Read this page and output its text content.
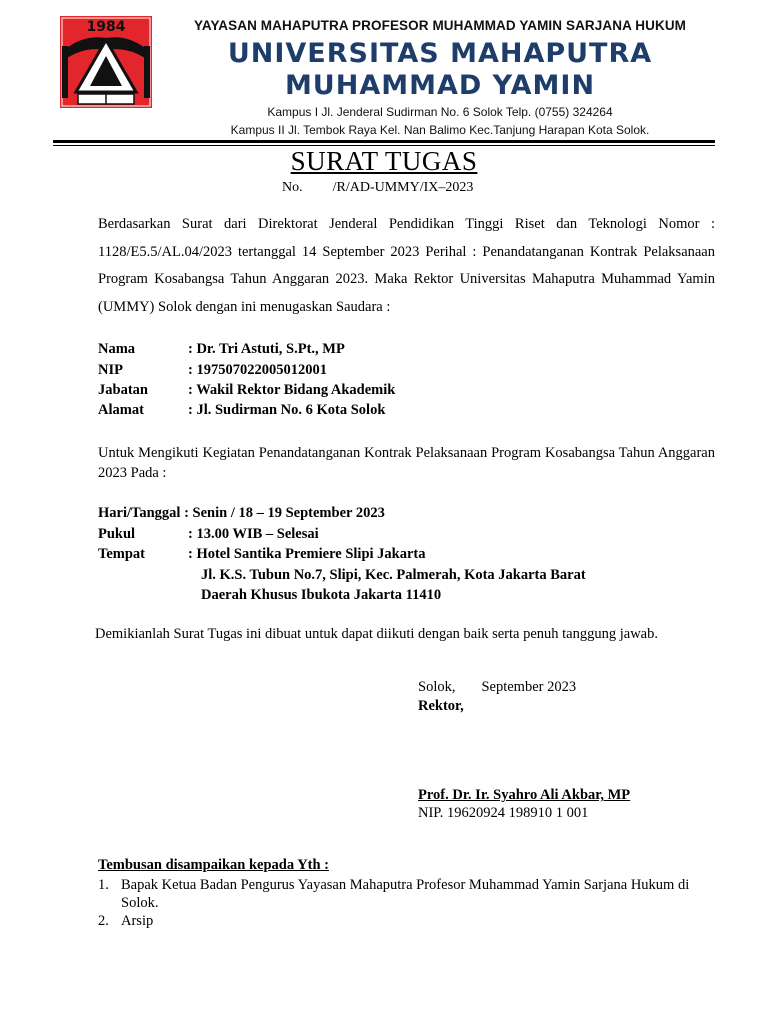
1984	YAYASAN MAHAPUTRA PROFESOR MUHAMMAD YAMIN SARJANA HUKUM
UNIVERSITAS MAHAPUTRA
MUHAMMAD YAMIN
Kampus I Jl. Jenderal Sudirman No. 6 Solok Telp. (0755) 324264
Kampus II Jl. Tembok Raya Kel. Nan Balimo Kec.Tanjung Harapan Kota Solok.
SURAT TUGAS
No. /R/AD-UMMY/IX–2023
Berdasarkan Surat dari Direktorat Jenderal Pendidikan Tinggi Riset dan Teknologi Nomor : 1128/E5.5/AL.04/2023 tertanggal 14 September 2023 Perihal : Penandatanganan Kontrak Pelaksanaan Program Kosabangsa Tahun Anggaran 2023. Maka Rektor Universitas Mahaputra Muhammad Yamin (UMMY) Solok dengan ini menugaskan Saudara :
Nama	: Dr. Tri Astuti, S.Pt., MP
NIP	: 197507022005012001
Jabatan	: Wakil Rektor Bidang Akademik
Alamat	: Jl. Sudirman No. 6 Kota Solok
Untuk Mengikuti Kegiatan Penandatanganan Kontrak Pelaksanaan Program Kosabangsa Tahun Anggaran 2023 Pada :
Hari/Tanggal : Senin / 18 – 19 September 2023
Pukul	: 13.00 WIB – Selesai
Tempat	: Hotel Santika Premiere Slipi Jakarta
Jl. K.S. Tubun No.7, Slipi, Kec. Palmerah, Kota Jakarta Barat
Daerah Khusus Ibukota Jakarta 11410
Demikianlah Surat Tugas ini dibuat untuk dapat diikuti dengan baik serta penuh tanggung jawab.
Solok, September 2023
Rektor,
Prof. Dr. Ir. Syahro Ali Akbar, MP
NIP. 19620924 198910 1 001
Tembusan disampaikan kepada Yth :
1. Bapak Ketua Badan Pengurus Yayasan Mahaputra Profesor Muhammad Yamin Sarjana Hukum di Solok.
2. Arsip
